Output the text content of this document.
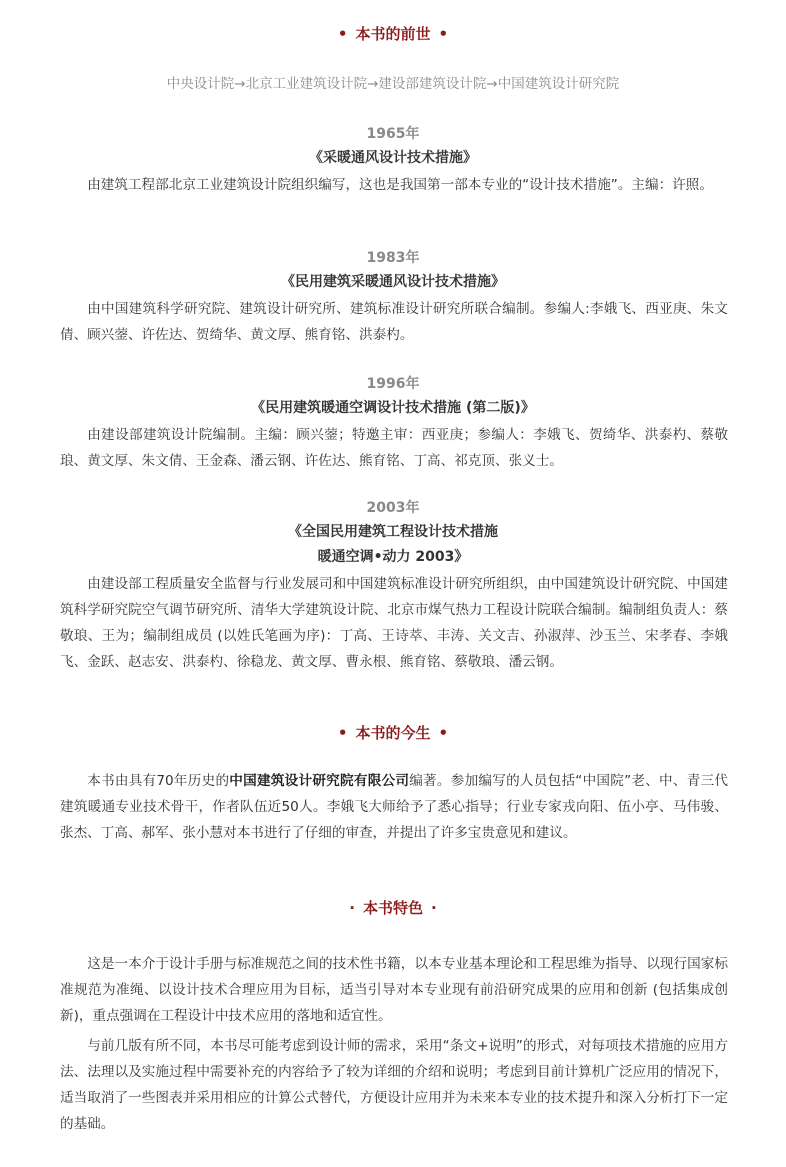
• 本书的前世 •
中央设计院→北京工业建筑设计院→建设部建筑设计院→中国建筑设计研究院
1965年
《采暖通风设计技术措施》

由建筑工程部北京工业建筑设计院组织编写，这也是我国第一部本专业的“设计技术措施”。主编：许照。

1983年
《民用建筑采暖通风设计技术措施》

由中国建筑科学研究院、建筑设计研究所、建筑标准设计研究所联合编制。参编人:李娥飞、西亚庚、朱文倩、顾兴蓥、许佐达、贺绮华、黄文厚、熊育铭、洪泰杓。

1996年
《民用建筑暖通空调设计技术措施 (第二版)》

由建设部建筑设计院编制。主编：顾兴蓥；特邀主审：西亚庚；参编人：李娥飞、贺绮华、洪泰杓、蔡敬琅、黄文厚、朱文倩、王金森、潘云钢、许佐达、熊育铭、丁高、祁克顶、张义士。

2003年
《全国民用建筑工程设计技术措施
暖通空调•动力 2003》

由建设部工程质量安全监督与行业发展司和中国建筑标准设计研究所组织，由中国建筑设计研究院、中国建筑科学研究院空气调节研究所、清华大学建筑设计院、北京市煤气热力工程设计院联合编制。编制组负责人：蔡敬琅、王为；编制组成员 (以姓氏笔画为序)：丁高、王诗萃、丰涛、关文吉、孙淑萍、沙玉兰、宋孝春、李娥飞、金跃、赵志安、洪泰杓、徐稳龙、黄文厚、曹永根、熊育铭、蔡敬琅、潘云钢。

• 本书的今生 •

本书由具有70年历史的中国建筑设计研究院有限公司编著。参加编写的人员包括“中国院”老、中、青三代建筑暖通专业技术骨干，作者队伍近50人。李娥飞大师给予了悉心指导；行业专家戎向阳、伍小亭、马伟骏、张杰、丁高、郝军、张小慧对本书进行了仔细的审查，并提出了许多宝贵意见和建议。

· 本书特色 ·

这是一本介于设计手册与标准规范之间的技术性书籍，以本专业基本理论和工程思维为指导、以现行国家标准规范为准绳、以设计技术合理应用为目标，适当引导对本专业现有前沿研究成果的应用和创新 (包括集成创新)，重点强调在工程设计中技术应用的落地和适宜性。

与前几版有所不同，本书尽可能考虑到设计师的需求，采用“条文+说明”的形式，对每项技术措施的应用方法、法理以及实施过程中需要补充的内容给予了较为详细的介绍和说明；考虑到目前计算机广泛应用的情况下，适当取消了一些图表并采用相应的计算公式替代，方便设计应用并为未来本专业的技术提升和深入分析打下一定的基础。
